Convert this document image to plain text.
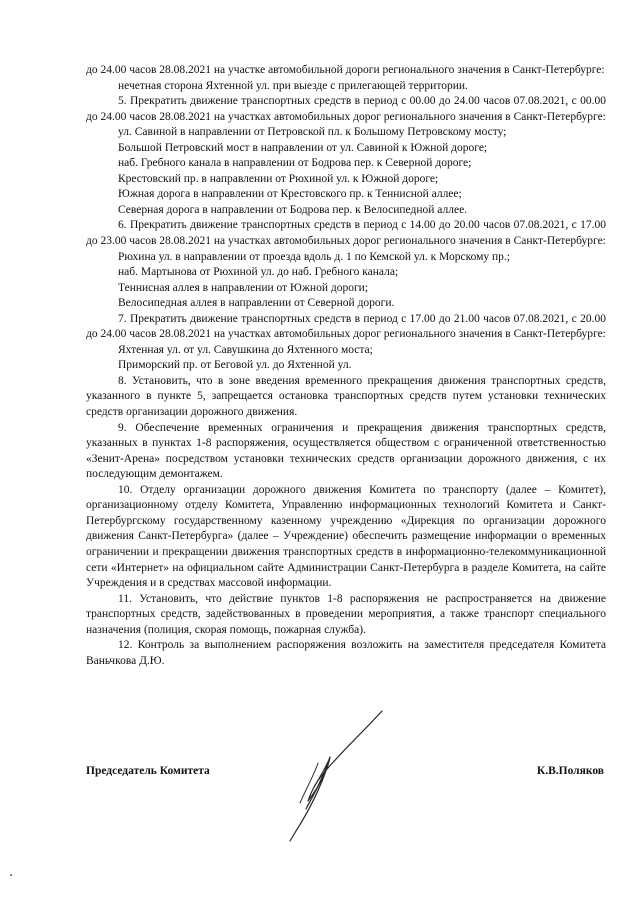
до 24.00 часов 28.08.2021 на участке автомобильной дороги регионального значения в Санкт-Петербурге:

нечетная сторона Яхтенной ул. при выезде с прилегающей территории.

5. Прекратить движение транспортных средств в период с 00.00 до 24.00 часов 07.08.2021, с 00.00 до 24.00 часов 28.08.2021 на участках автомобильных дорог регионального значения в Санкт-Петербурге:

ул. Савиной в направлении от Петровской пл. к Большому Петровскому мосту;

Большой Петровский мост в направлении от ул. Савиной к Южной дороге;

наб. Гребного канала в направлении от Бодрова пер. к Северной дороге;

Крестовский пр. в направлении от Рюхиной ул. к Южной дороге;

Южная дорога в направлении от Крестовского пр. к Теннисной аллее;

Северная дорога в направлении от Бодрова пер. к Велосипедной аллее.

6. Прекратить движение транспортных средств в период с 14.00 до 20.00 часов 07.08.2021, с 17.00 до 23.00 часов 28.08.2021 на участках автомобильных дорог регионального значения в Санкт-Петербурге:

Рюхина ул. в направлении от проезда вдоль д. 1 по Кемской ул. к Морскому пр.;

наб. Мартынова от Рюхиной ул. до наб. Гребного канала;

Теннисная аллея в направлении от Южной дороги;

Велосипедная аллея в направлении от Северной дороги.

7. Прекратить движение транспортных средств в период с 17.00 до 21.00 часов 07.08.2021, с 20.00 до 24.00 часов 28.08.2021 на участках автомобильных дорог регионального значения в Санкт-Петербурге:

Яхтенная ул. от ул. Савушкина до Яхтенного моста;

Приморский пр. от Беговой ул. до Яхтенной ул.

8. Установить, что в зоне введения временного прекращения движения транспортных средств, указанного в пункте 5, запрещается остановка транспортных средств путем установки технических средств организации дорожного движения.

9. Обеспечение временных ограничения и прекращения движения транспортных средств, указанных в пунктах 1-8 распоряжения, осуществляется обществом с ограниченной ответственностью «Зенит-Арена» посредством установки технических средств организации дорожного движения, с их последующим демонтажем.

10. Отделу организации дорожного движения Комитета по транспорту (далее – Комитет), организационному отделу Комитета, Управлению информационных технологий Комитета и Санкт-Петербургскому государственному казенному учреждению «Дирекция по организации дорожного движения Санкт-Петербурга» (далее – Учреждение) обеспечить размещение информации о временных ограничении и прекращении движения транспортных средств в информационно-телекоммуникационной сети «Интернет» на официальном сайте Администрации Санкт-Петербурга в разделе Комитета, на сайте Учреждения и в средствах массовой информации.

11. Установить, что действие пунктов 1-8 распоряжения не распространяется на движение транспортных средств, задействованных в проведении мероприятия, а также транспорт специального назначения (полиция, скорая помощь, пожарная служба).

12. Контроль за выполнением распоряжения возложить на заместителя председателя Комитета Ваньчкова Д.Ю.

Председатель Комитета	К.В.Поляков
